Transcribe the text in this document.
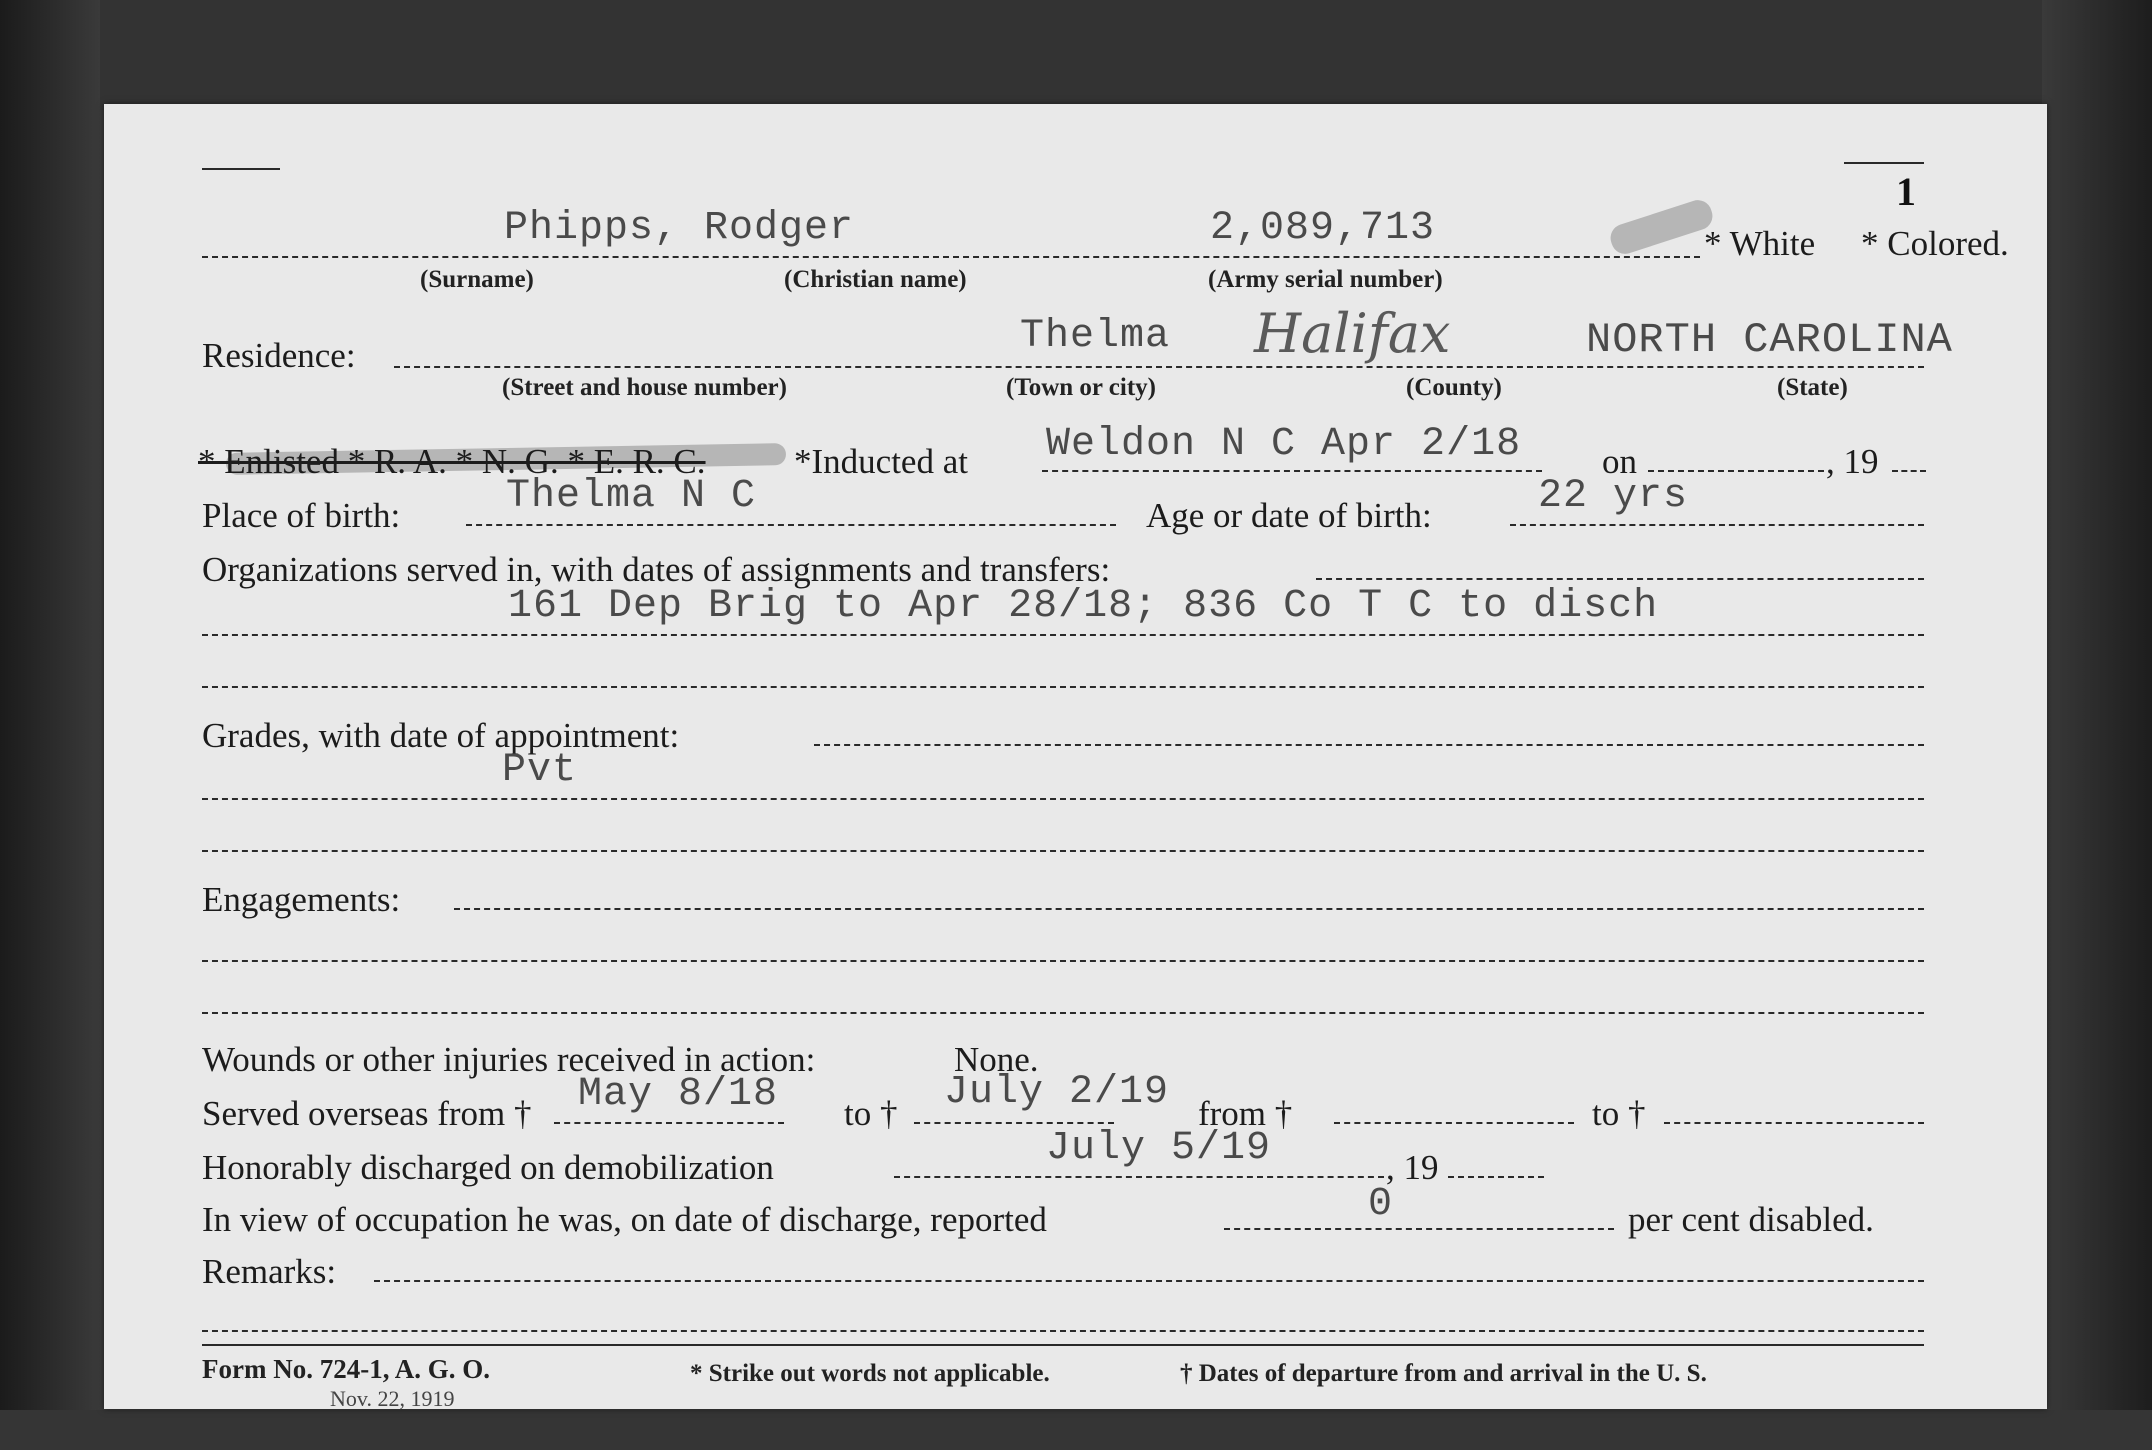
1
Phipps, Rodger	2,089,713	* White * Colored.
(Surname)	(Christian name)	(Army serial number)
Residence:	Thelma Halifax	NORTH CAROLINA
(Street and house number)	(Town or city)	(County)	(State)
* Enlisted * R. A. * N. G. * E. R. C.	*Inducted at Weldon N C Apr 2/18 on	, 19
Place of birth:	Thelma N C	Age or date of birth:	22 yrs
Organizations served in, with dates of assignments and transfers:
161 Dep Brig to Apr 28/18; 836 Co T C to disch
Grades, with date of appointment:
Pvt
Engagements:
Wounds or other injuries received in action:	None.
Served overseas from † May 8/18 to † July 2/19 from †	to †
Honorably discharged on demobilization	July 5/19	, 19
In view of occupation he was, on date of discharge, reported	0	per cent disabled.
Remarks:
Form No. 724-1, A. G. O.
Nov. 22, 1919
* Strike out words not applicable.	† Dates of departure from and arrival in the U. S.
